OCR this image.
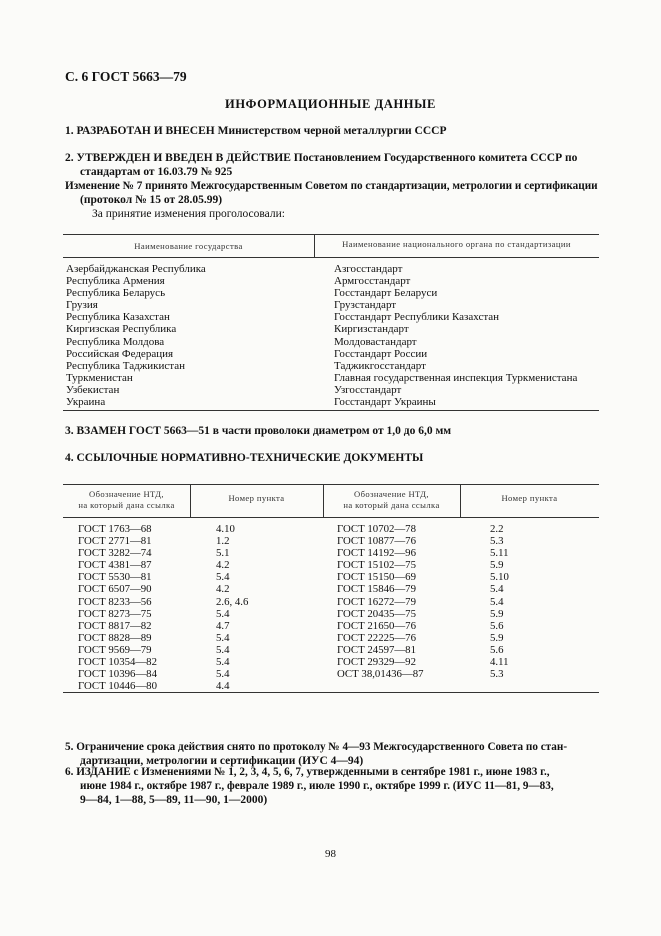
С. 6 ГОСТ 5663—79
ИНФОРМАЦИОННЫЕ ДАННЫЕ
1. РАЗРАБОТАН И ВНЕСЕН Министерством черной металлургии СССР
2. УТВЕРЖДЕН И ВВЕДЕН В ДЕЙСТВИЕ Постановлением Государственного комитета СССР по
стандартам от 16.03.79 № 925
Изменение № 7 принято Межгосударственным Советом по стандартизации, метрологии и сертификации
(протокол № 15 от 28.05.99)
За принятие изменения проголосовали:
Наименование государства	Наименование национального органа по стандартизации
Азербайджанская Республика
Республика Армения
Республика Беларусь
Грузия
Республика Казахстан
Киргизская Республика
Республика Молдова
Российская Федерация
Республика Таджикистан
Туркменистан
Узбекистан
Украина
Азгосстандарт
Армгосстандарт
Госстандарт Беларуси
Грузстандарт
Госстандарт Республики Казахстан
Киргизстандарт
Молдовастандарт
Госстандарт России
Таджикгосстандарт
Главная государственная инспекция Туркменистана
Узгосстандарт
Госстандарт Украины
3. ВЗАМЕН ГОСТ 5663—51 в части проволоки диаметром от 1,0 до 6,0 мм
4. ССЫЛОЧНЫЕ НОРМАТИВНО-ТЕХНИЧЕСКИЕ ДОКУМЕНТЫ
Обозначение НТД,
на который дана ссылка
Номер пункта	Обозначение НТД,
на который дана ссылка
Номер пункта
ГОСТ 1763—68
ГОСТ 2771—81
ГОСТ 3282—74
ГОСТ 4381—87
ГОСТ 5530—81
ГОСТ 6507—90
ГОСТ 8233—56
ГОСТ 8273—75
ГОСТ 8817—82
ГОСТ 8828—89
ГОСТ 9569—79
ГОСТ 10354—82
ГОСТ 10396—84
ГОСТ 10446—80
4.10
1.2
5.1
4.2
5.4
4.2
2.6, 4.6
5.4
4.7
5.4
5.4
5.4
5.4
4.4
ГОСТ 10702—78
ГОСТ 10877—76
ГОСТ 14192—96
ГОСТ 15102—75
ГОСТ 15150—69
ГОСТ 15846—79
ГОСТ 16272—79
ГОСТ 20435—75
ГОСТ 21650—76
ГОСТ 22225—76
ГОСТ 24597—81
ГОСТ 29329—92
ОСТ 38,01436—87
2.2
5.3
5.11
5.9
5.10
5.4
5.4
5.9
5.6
5.9
5.6
4.11
5.3
5. Ограничение срока действия снято по протоколу № 4—93 Межгосударственного Совета по стан-
дартизации, метрологии и сертификации (ИУС 4—94)
6. ИЗДАНИЕ с Изменениями № 1, 2, 3, 4, 5, 6, 7, утвержденными в сентябре 1981 г., июне 1983 г.,
июне 1984 г., октябре 1987 г., феврале 1989 г., июле 1990 г., октябре 1999 г. (ИУС 11—81, 9—83,
9—84, 1—88, 5—89, 11—90, 1—2000)
98
